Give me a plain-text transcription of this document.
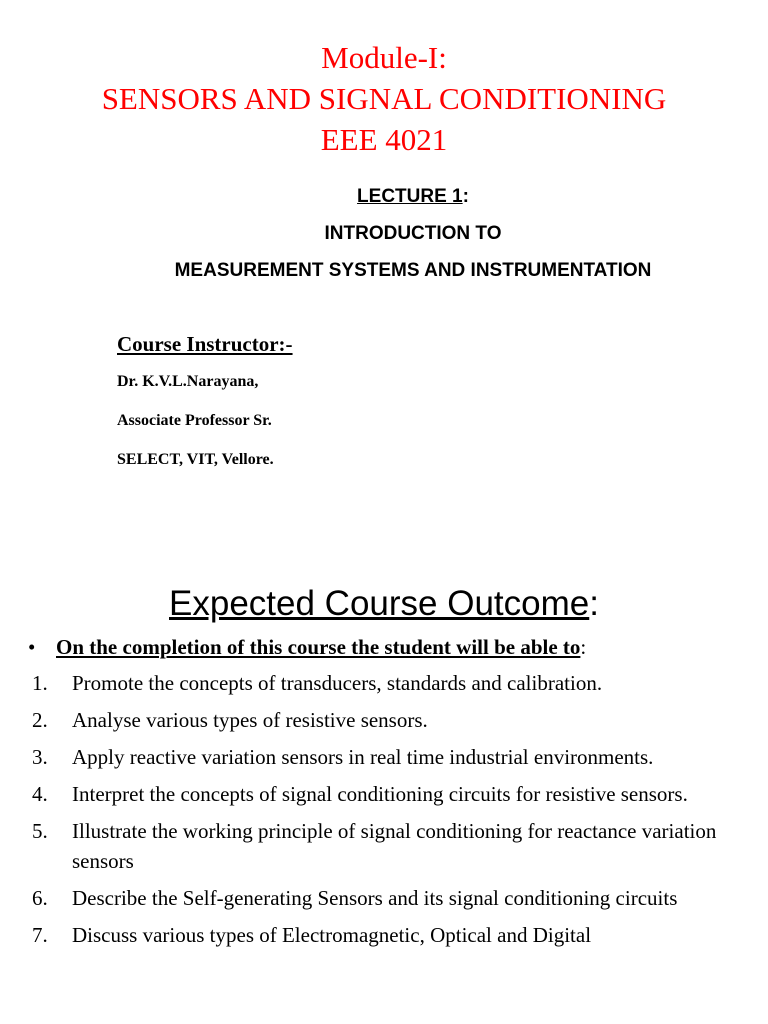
Module-I:
SENSORS AND SIGNAL CONDITIONING
EEE 4021
LECTURE 1:
INTRODUCTION TO
MEASUREMENT SYSTEMS AND INSTRUMENTATION
Course Instructor:-
Dr. K.V.L.Narayana,
Associate Professor Sr.
SELECT, VIT, Vellore.
Expected Course Outcome:
• On the completion of this course the student will be able to:
1. Promote the concepts of transducers, standards and calibration.
2. Analyse various types of resistive sensors.
3. Apply reactive variation sensors in real time industrial environments.
4. Interpret the concepts of signal conditioning circuits for resistive sensors.
5. Illustrate the working principle of signal conditioning for reactance variation sensors
6. Describe the Self-generating Sensors and its signal conditioning circuits
7. Discuss various types of Electromagnetic, Optical and Digital
